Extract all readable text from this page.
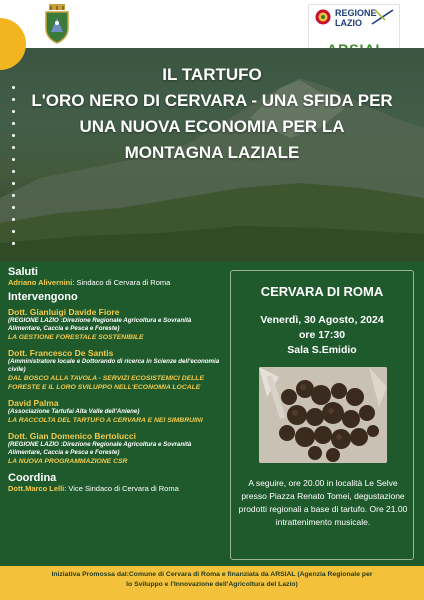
REGIONE
LAZIO
IL TARTUFO
L'ORO NERO DI CERVARA - UNA SFIDA PER
UNA NUOVA ECONOMIA PER LA
MONTAGNA LAZIALE
Saluti
Adriano Alivernini: Sindaco di Cervara di Roma
Intervengono
Dott. Gianluigi Davide Fiore
(REGIONE LAZIO :Direzione Regionale Agricoltura e Sovranità Alimentare, Caccia e Pesca e Foreste)
LA GESTIONE FORESTALE SOSTENIBILE
Dott. Francesco De Santis
(Amministratore locale e Dottorando di ricerca in Scienze dell'economia civile)
DAL BOSCO ALLA TAVOLA - SERVIZI ECOSISTEMICI DELLE FORESTE E IL LORO SVILUPPO NELL'ECONOMIA LOCALE
David Palma
(Associazione Tartufai Alta Valle dell'Aniene)
LA RACCOLTA DEL TARTUFO A CERVARA E NEI SIMBRUINI
Dott. Gian Domenico Bertolucci
(REGIONE LAZIO :Direzione Regionale Agricoltura e Sovranità Alimentare, Caccia e Pesca e Foreste)
LA NUOVA PROGRAMMAZIONE CSR
Coordina
Dott.Marco Lelli: Vice Sindaco di Cervara di Roma
CERVARA DI ROMA
Venerdì, 30 Agosto, 2024
ore 17:30
Sala S.Emidio
A seguire, ore 20.00 in località Le Selve presso Piazza Renato Tomei, degustazione prodotti regionali a base di tartufo. Ore 21.00 intrattenimento musicale.

Iniziativa Promossa dal:Comune di Cervara di Roma e finanziata da ARSIAL (Agenzia Regionale per

lo Sviluppo e l'Innovazione dell'Agricoltura del Lazio)
